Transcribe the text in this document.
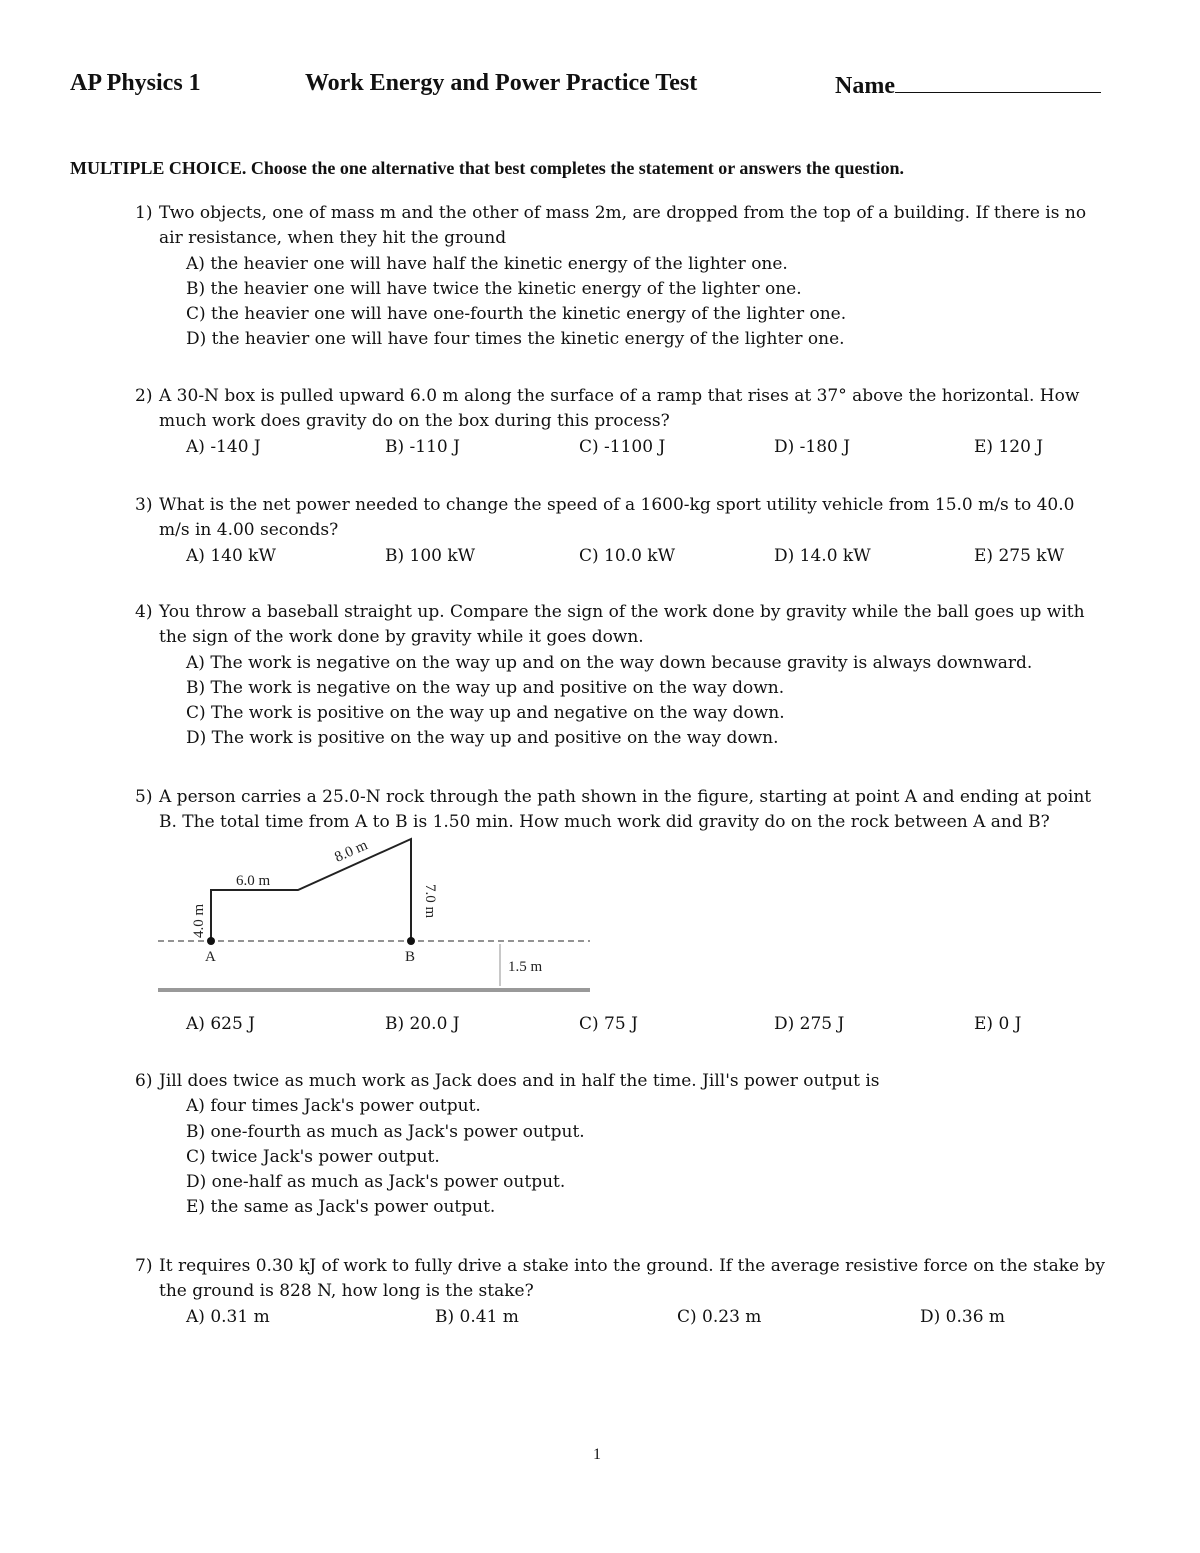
AP Physics 1	Work Energy and Power Practice Test	Name
MULTIPLE CHOICE. Choose the one alternative that best completes the statement or answers the question.
1) Two objects, one of mass m and the other of mass 2m, are dropped from the top of a building. If there is no
air resistance, when they hit the ground
A) the heavier one will have half the kinetic energy of the lighter one.
B) the heavier one will have twice the kinetic energy of the lighter one.
C) the heavier one will have one-fourth the kinetic energy of the lighter one.
D) the heavier one will have four times the kinetic energy of the lighter one.
2) A 30-N box is pulled upward 6.0 m along the surface of a ramp that rises at 37° above the horizontal. How
much work does gravity do on the box during this process?
A) -140 J	B) -110 J	C) -1100 J	D) -180 J	E) 120 J
3) What is the net power needed to change the speed of a 1600-kg sport utility vehicle from 15.0 m/s to 40.0
m/s in 4.00 seconds?
A) 140 kW	B) 100 kW	C) 10.0 kW	D) 14.0 kW	E) 275 kW
4) You throw a baseball straight up. Compare the sign of the work done by gravity while the ball goes up with
the sign of the work done by gravity while it goes down.
A) The work is negative on the way up and on the way down because gravity is always downward.
B) The work is negative on the way up and positive on the way down.
C) The work is positive on the way up and negative on the way down.
D) The work is positive on the way up and positive on the way down.
5) A person carries a 25.0-N rock through the path shown in the figure, starting at point A and ending at point
B. The total time from A to B is 1.50 min. How much work did gravity do on the rock between A and B?
6.0 m
8.0 m
7.0 m
4.0 m
A	B
1.5 m
A) 625 J	B) 20.0 J	C) 75 J	D) 275 J	E) 0 J
6) Jill does twice as much work as Jack does and in half the time. Jill's power output is
A) four times Jack's power output.
B) one-fourth as much as Jack's power output.
C) twice Jack's power output.
D) one-half as much as Jack's power output.
E) the same as Jack's power output.
7) It requires 0.30 kJ of work to fully drive a stake into the ground. If the average resistive force on the stake by
the ground is 828 N, how long is the stake?
A) 0.31 m	B) 0.41 m	C) 0.23 m	D) 0.36 m
1
